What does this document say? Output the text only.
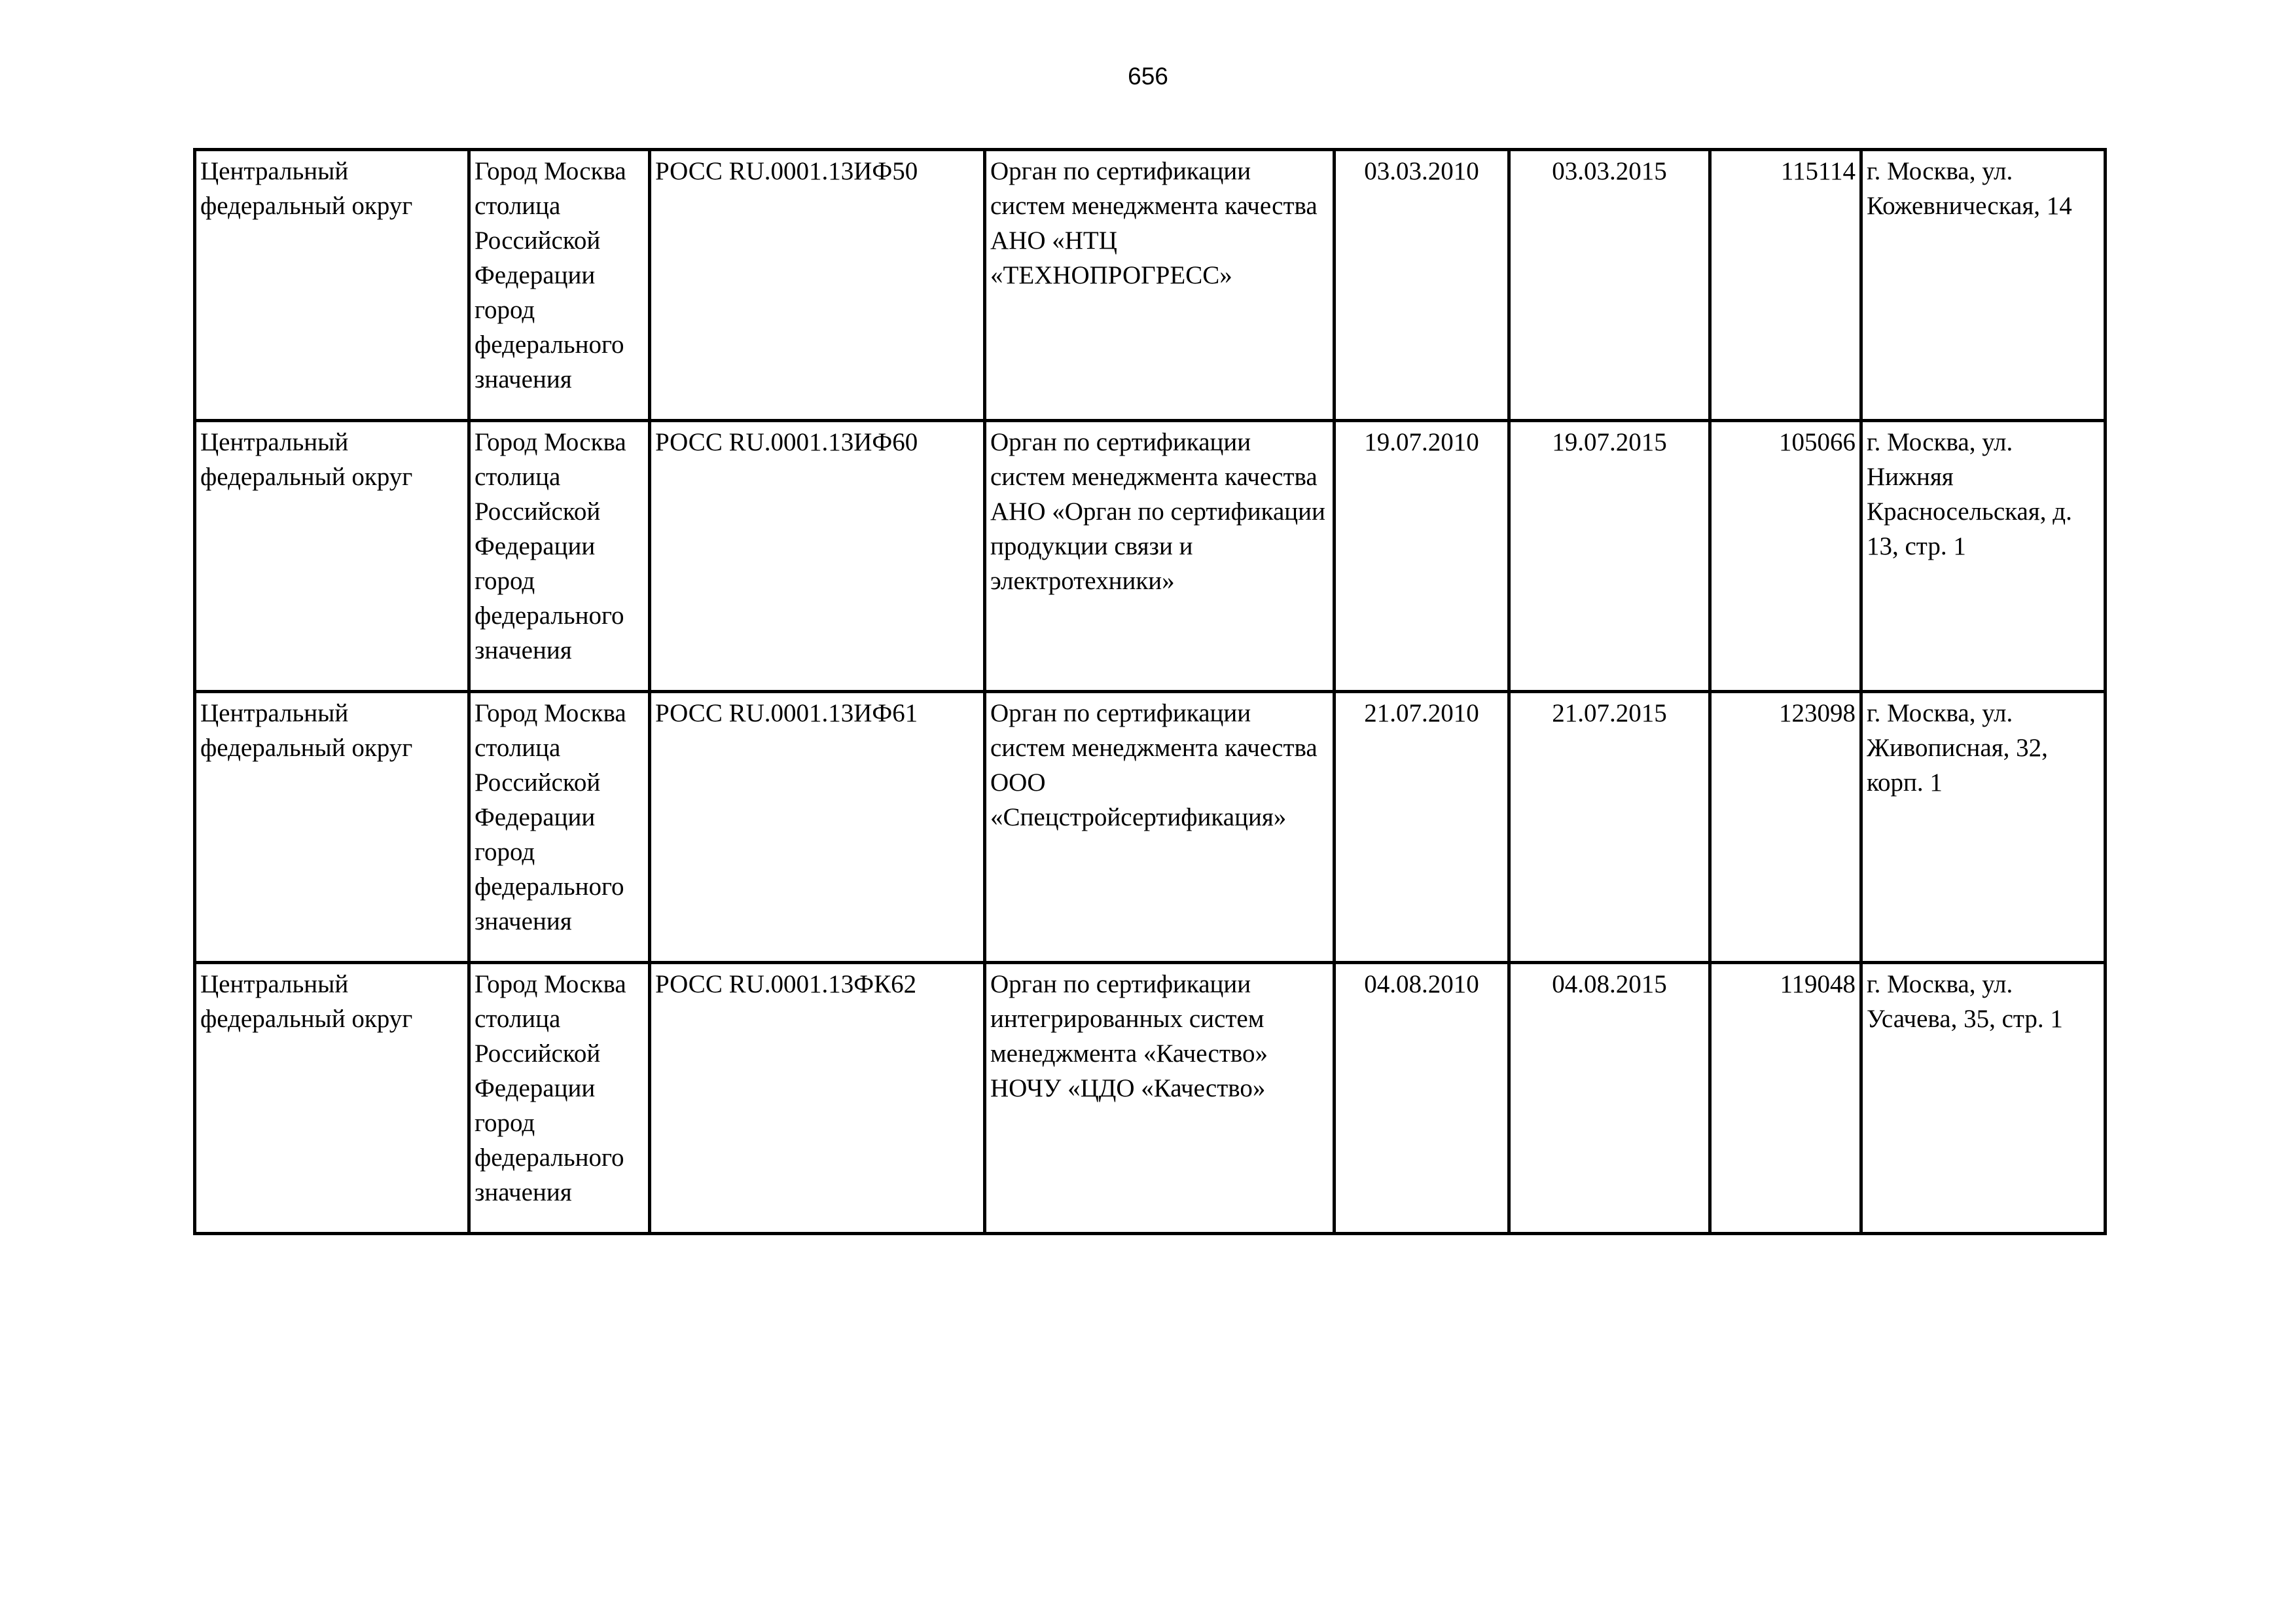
656
Центральный федеральный округ	Город Москва столица Российской Федерации город федерального значения	РОСС RU.0001.13ИФ50	Орган по сертификации систем менеджмента качества АНО «НТЦ «ТЕХНОПРОГРЕСС»	03.03.2010	03.03.2015	115114	г. Москва, ул. Кожевническая, 14
Центральный федеральный округ	Город Москва столица Российской Федерации город федерального значения	РОСС RU.0001.13ИФ60	Орган по сертификации систем менеджмента качества АНО «Орган по сертификации продукции связи и электротехники»	19.07.2010	19.07.2015	105066	г. Москва, ул. Нижняя Красносельская, д. 13, стр. 1
Центральный федеральный округ	Город Москва столица Российской Федерации город федерального значения	РОСС RU.0001.13ИФ61	Орган по сертификации систем менеджмента качества ООО «Спецстройсертификация»	21.07.2010	21.07.2015	123098	г. Москва, ул. Живописная, 32, корп. 1
Центральный федеральный округ	Город Москва столица Российской Федерации город федерального значения	РОСС RU.0001.13ФК62	Орган по сертификации интегрированных систем менеджмента «Качество» НОЧУ «ЦДО «Качество»	04.08.2010	04.08.2015	119048	г. Москва, ул. Усачева, 35, стр. 1
